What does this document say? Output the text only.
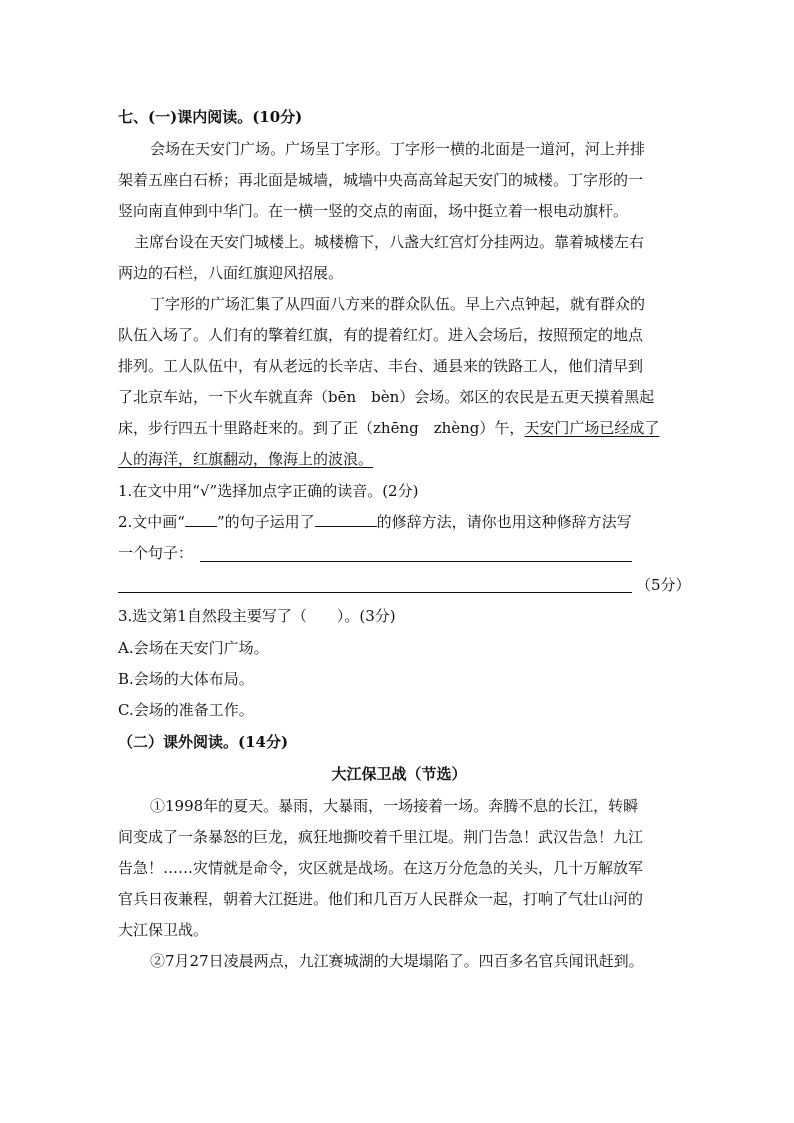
七、(一)课内阅读。(10分)
会场在天安门广场。广场呈丁字形。丁字形一横的北面是一道河，河上并排
架着五座白石桥；再北面是城墙，城墙中央高高耸起天安门的城楼。丁字形的一
竖向南直伸到中华门。在一横一竖的交点的南面，场中挺立着一根电动旗杆。
主席台设在天安门城楼上。城楼檐下，八盏大红宫灯分挂两边。靠着城楼左右
两边的石栏，八面红旗迎风招展。
丁字形的广场汇集了从四面八方来的群众队伍。早上六点钟起，就有群众的
队伍入场了。人们有的擎着红旗，有的提着红灯。进入会场后，按照预定的地点
排列。工人队伍中，有从老远的长辛店、丰台、通县来的铁路工人，他们清早到
了北京车站，一下火车就直奔（bēn　bèn）会场。郊区的农民是五更天摸着黑起
床，步行四五十里路赶来的。到了正（zhēng　zhèng）午，天安门广场已经成了
人的海洋，红旗翻动，像海上的波浪。
1.在文中用“√”选择加点字正确的读音。(2分)
2.文中画“ ”的句子运用了	的修辞方法，请你也用这种修辞方法写
一个句子：
（5分）
3.选文第1自然段主要写了（　　）。(3分)
A.会场在天安门广场。
B.会场的大体布局。
C.会场的准备工作。
（二）课外阅读。(14分)
大江保卫战（节选）
①1998年的夏天。暴雨，大暴雨，一场接着一场。奔腾不息的长江，转瞬
间变成了一条暴怒的巨龙，疯狂地撕咬着千里江堤。荆门告急！武汉告急！九江
告急！……灾情就是命令，灾区就是战场。在这万分危急的关头，几十万解放军
官兵日夜兼程，朝着大江挺进。他们和几百万人民群众一起，打响了气壮山河的
大江保卫战。
②7月27日凌晨两点，九江赛城湖的大堤塌陷了。四百多名官兵闻讯赶到。
